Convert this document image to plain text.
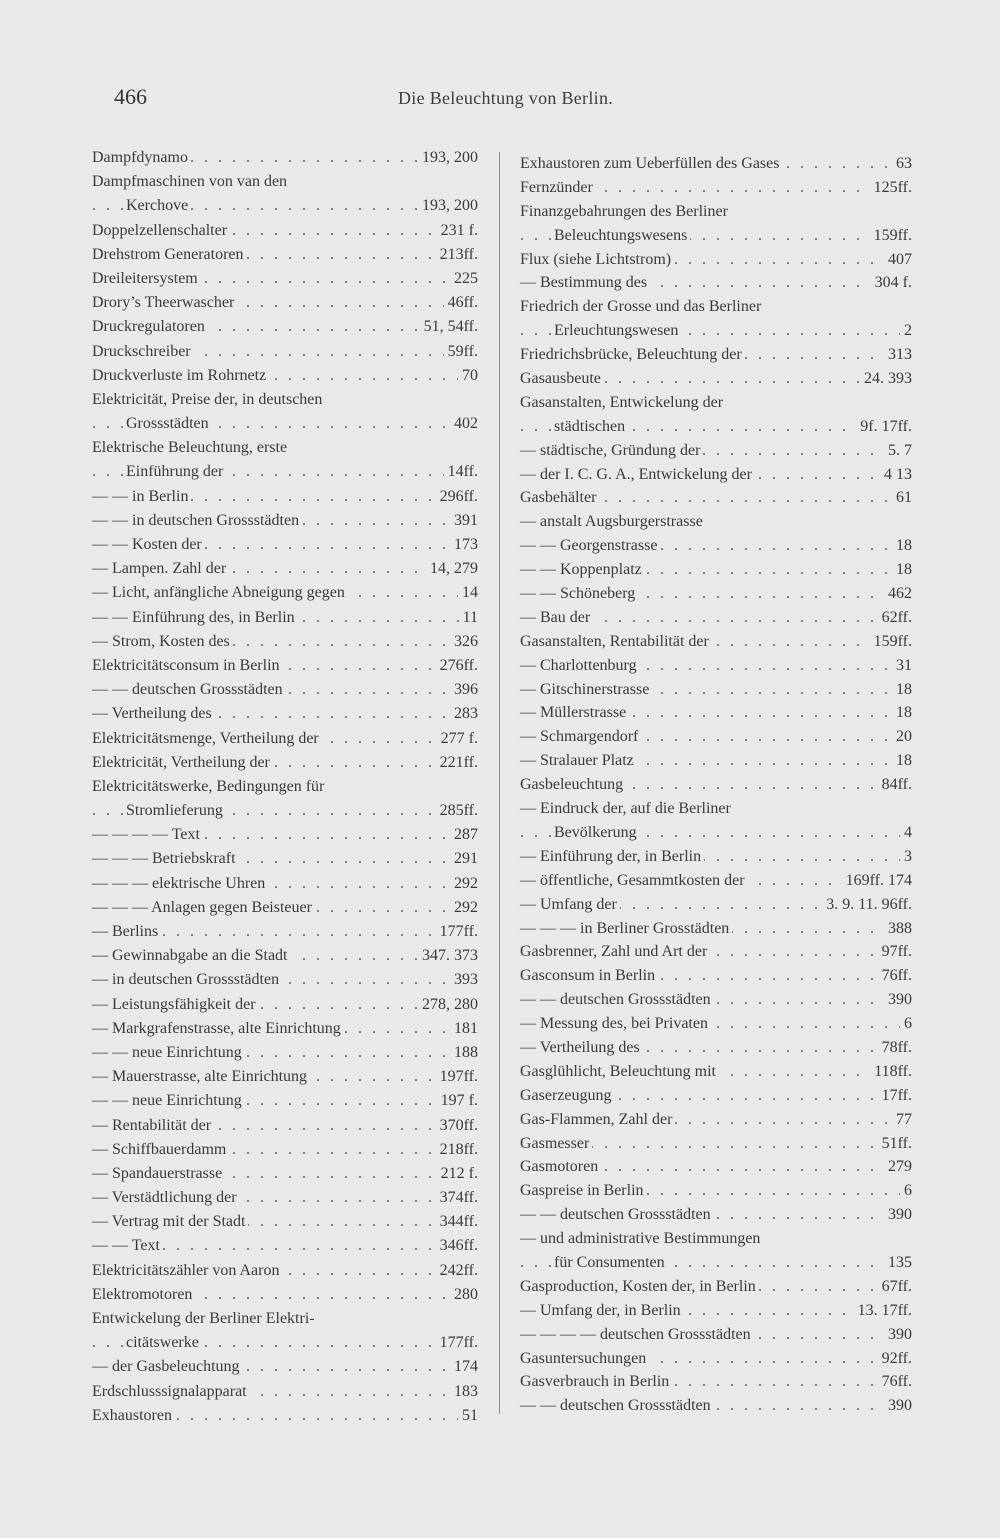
466	Die Beleuchtung von Berlin.
. . .
Dampfdynamo	193, 200
Dampfmaschinen von van den
. . .
Kerchove	193, 200
. . .
Doppelzellenschalter	231 f.
. . .
Drehstrom Generatoren	213ff.
. . .
Dreileitersystem	225
. . .
Drory’s Theerwascher	46ff.
. . .
Druckregulatoren	51, 54ff.
. . .
Druckschreiber	59ff.
. . .
Druckverluste im Rohrnetz	70
Elektricität, Preise der, in deutschen
. . .
Grossstädten	402
Elektrische Beleuchtung, erste
. . .
Einführung der	14ff.
. . .
— — in Berlin	296ff.
. . .
— — in deutschen Grossstädten	391
. . .
— — Kosten der	173
. . .
— Lampen. Zahl der	14, 279
. . .
— Licht, anfängliche Abneigung gegen	14
. . .
— — Einführung des, in Berlin	11
. . .
— Strom, Kosten des	326
. . .
Elektricitätsconsum in Berlin	276ff.
. . .
— — deutschen Grossstädten	396
. . .
— Vertheilung des	283
. . .
Elektricitätsmenge, Vertheilung der	277 f.
. . .
Elektricität, Vertheilung der	221ff.
Elektricitätswerke, Bedingungen für
. . .
Stromlieferung	285ff.
. . .
— — — — Text	287
. . .
— — — Betriebskraft	291
. . .
— — — elektrische Uhren	292
. . .
— — — Anlagen gegen Beisteuer	292
. . .
— Berlins	177ff.
. . .
— Gewinnabgabe an die Stadt	347. 373
. . .
— in deutschen Grossstädten	393
. . .
— Leistungsfähigkeit der	278, 280
. . .
— Markgrafenstrasse, alte Einrichtung	181
. . .
— — neue Einrichtung	188
. . .
— Mauerstrasse, alte Einrichtung	197ff.
. . .
— — neue Einrichtung	197 f.
. . .
— Rentabilität der	370ff.
. . .
— Schiffbauerdamm	218ff.
. . .
— Spandauerstrasse	212 f.
. . .
— Verstädtlichung der	374ff.
. . .
— Vertrag mit der Stadt	344ff.
. . .
— — Text	346ff.
. . .
Elektricitätszähler von Aaron	242ff.
. . .
Elektromotoren	280
Entwickelung der Berliner Elektri-
. . .
citätswerke	177ff.
. . .
— der Gasbeleuchtung	174
. . .
Erdschlusssignalapparat	183
. . .
Exhaustoren	51
. . .
Exhaustoren zum Ueberfüllen des Gases	63
. . .
Fernzünder	125ff.
Finanzgebahrungen des Berliner
. . .
Beleuchtungswesens	159ff.
. . .
Flux (siehe Lichtstrom)	407
. . .
— Bestimmung des	304 f.
Friedrich der Grosse und das Berliner
. . .
Erleuchtungswesen	2
. . .
Friedrichsbrücke, Beleuchtung der	313
. . .
Gasausbeute	24. 393
Gasanstalten, Entwickelung der
. . .
städtischen	9f. 17ff.
. . .
— städtische, Gründung der	5. 7
. . .
— der I. C. G. A., Entwickelung der	4 13
. . .
Gasbehälter	61
— anstalt Augsburgerstrasse
. . .
— — Georgenstrasse	18
. . .
— — Koppenplatz	18
. . .
— — Schöneberg	462
. . .
— Bau der	62ff.
. . .
Gasanstalten, Rentabilität der	159ff.
. . .
— Charlottenburg	31
. . .
— Gitschinerstrasse	18
. . .
— Müllerstrasse	18
. . .
— Schmargendorf	20
. . .
— Stralauer Platz	18
. . .
Gasbeleuchtung	84ff.
— Eindruck der, auf die Berliner
. . .
Bevölkerung	4
. . .
— Einführung der, in Berlin	3
. . .
— öffentliche, Gesammtkosten der	169ff. 174
. . .
— Umfang der	3. 9. 11. 96ff.
. . .
— — — in Berliner Grosstädten	388
. . .
Gasbrenner, Zahl und Art der	97ff.
. . .
Gasconsum in Berlin	76ff.
. . .
— — deutschen Grossstädten	390
. . .
— Messung des, bei Privaten	6
. . .
— Vertheilung des	78ff.
. . .
Gasglühlicht, Beleuchtung mit	118ff.
. . .
Gaserzeugung	17ff.
. . .
Gas-Flammen, Zahl der	77
. . .
Gasmesser	51ff.
. . .
Gasmotoren	279
. . .
Gaspreise in Berlin	6
. . .
— — deutschen Grossstädten	390
— und administrative Bestimmungen
. . .
für Consumenten	135
. . .
Gasproduction, Kosten der, in Berlin	67ff.
. . .
— Umfang der, in Berlin	13. 17ff.
. . .
— — — — deutschen Grossstädten	390
. . .
Gasuntersuchungen	92ff.
. . .
Gasverbrauch in Berlin	76ff.
. . .
— — deutschen Grossstädten	390
